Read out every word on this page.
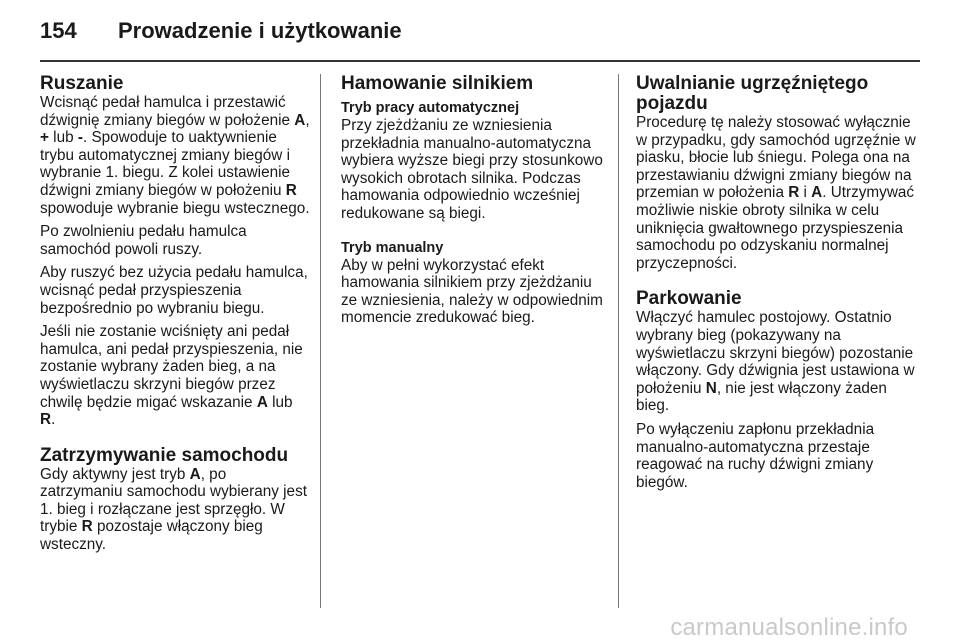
154 Prowadzenie i użytkowanie
Ruszanie

Wcisnąć pedał hamulca i przestawić dźwignię zmiany biegów w położenie A, + lub -. Spowoduje to uaktywnienie trybu automatycznej zmiany biegów i wybranie 1. biegu. Z kolei ustawienie dźwigni zmiany biegów w położeniu R spowoduje wybranie biegu wstecznego.

Po zwolnieniu pedału hamulca samochód powoli ruszy.

Aby ruszyć bez użycia pedału hamulca, wcisnąć pedał przyspieszenia bezpośrednio po wybraniu biegu.

Jeśli nie zostanie wciśnięty ani pedał hamulca, ani pedał przyspieszenia, nie zostanie wybrany żaden bieg, a na wyświetlaczu skrzyni biegów przez chwilę będzie migać wskazanie A lub R.

Zatrzymywanie samochodu

Gdy aktywny jest tryb A, po zatrzymaniu samochodu wybierany jest 1. bieg i rozłączane jest sprzęgło. W trybie R pozostaje włączony bieg wsteczny.

Hamowanie silnikiem
Tryb pracy automatycznej

Przy zjeżdżaniu ze wzniesienia przekładnia manualno-automatyczna wybiera wyższe biegi przy stosunkowo wysokich obrotach silnika. Podczas hamowania odpowiednio wcześniej redukowane są biegi.

Tryb manualny

Aby w pełni wykorzystać efekt hamowania silnikiem przy zjeżdżaniu ze wzniesienia, należy w odpowiednim momencie zredukować bieg.

Uwalnianie ugrzęźniętego pojazdu

Procedurę tę należy stosować wyłącznie w przypadku, gdy samochód ugrzęźnie w piasku, błocie lub śniegu. Polega ona na przestawianiu dźwigni zmiany biegów na przemian w położenia R i A. Utrzymywać możliwie niskie obroty silnika w celu uniknięcia gwałtownego przyspieszenia samochodu po odzyskaniu normalnej przyczepności.

Parkowanie

Włączyć hamulec postojowy. Ostatnio wybrany bieg (pokazywany na wyświetlaczu skrzyni biegów) pozostanie włączony. Gdy dźwignia jest ustawiona w położeniu N, nie jest włączony żaden bieg.

Po wyłączeniu zapłonu przekładnia manualno-automatyczna przestaje reagować na ruchy dźwigni zmiany biegów.

carmanualsonline.info
